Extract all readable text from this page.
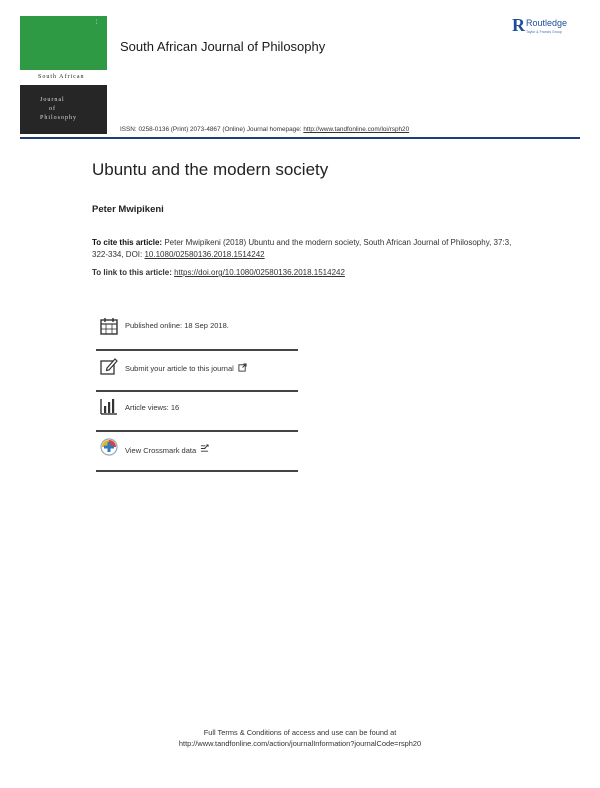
▪
▪
South African
Journal
of
Philosophy
South African Journal of Philosophy
R Routledge
Taylor & Francis Group
ISSN: 0258-0136 (Print) 2073-4867 (Online) Journal homepage: http://www.tandfonline.com/loi/rsph20
Ubuntu and the modern society
Peter Mwipikeni
To cite this article: Peter Mwipikeni (2018) Ubuntu and the modern society, South African Journal of Philosophy, 37:3, 322-334, DOI: 10.1080/02580136.2018.1514242
To link to this article: https://doi.org/10.1080/02580136.2018.1514242
Published online: 18 Sep 2018.
Submit your article to this journal
Article views: 16
View Crossmark data
Full Terms & Conditions of access and use can be found at
http://www.tandfonline.com/action/journalInformation?journalCode=rsph20
